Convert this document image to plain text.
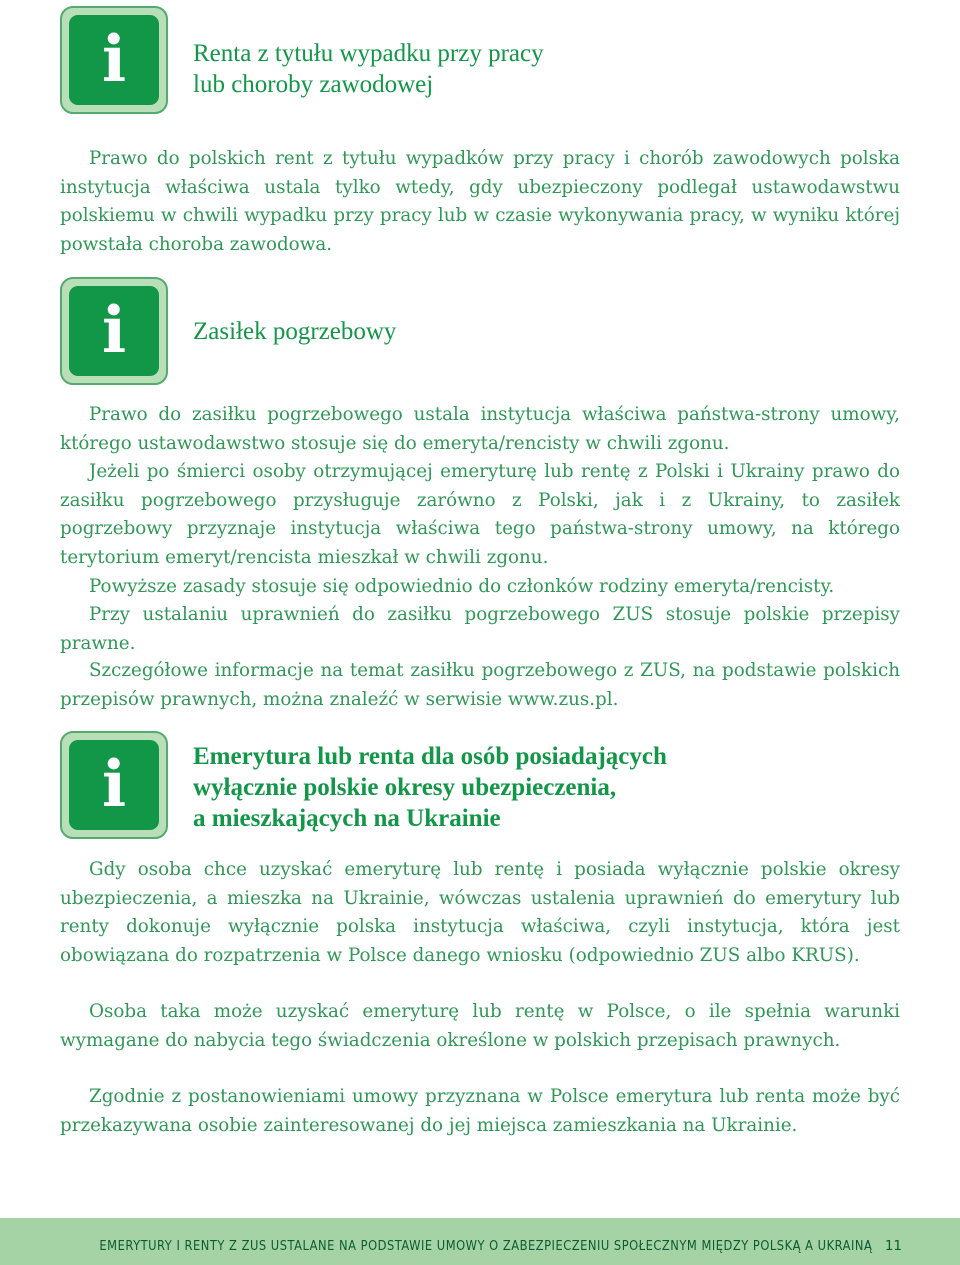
i	Renta z tytułu wypadku przy pracy
lub choroby zawodowej

Prawo do polskich rent z tytułu wypadków przy pracy i chorób zawodowych polska instytucja właściwa ustala tylko wtedy, gdy ubezpieczony podlegał ustawodawstwu polskiemu w chwili wypadku przy pracy lub w czasie wykonywania pracy, w wyniku której powstała choroba zawodowa.

i	Zasiłek pogrzebowy

Prawo do zasiłku pogrzebowego ustala instytucja właściwa państwa-strony umowy, którego ustawodawstwo stosuje się do emeryta/rencisty w chwili zgonu.

Jeżeli po śmierci osoby otrzymującej emeryturę lub rentę z Polski i Ukrainy prawo do zasiłku pogrzebowego przysługuje zarówno z Polski, jak i z Ukrainy, to zasiłek pogrzebowy przyznaje instytucja właściwa tego państwa-strony umowy, na którego terytorium emeryt/rencista mieszkał w chwili zgonu.

Powyższe zasady stosuje się odpowiednio do członków rodziny emeryta/rencisty.

Przy ustalaniu uprawnień do zasiłku pogrzebowego ZUS stosuje polskie przepisy prawne.

Szczegółowe informacje na temat zasiłku pogrzebowego z ZUS, na podstawie polskich przepisów prawnych, można znaleźć w serwisie www.zus.pl.

i	Emerytura lub renta dla osób posiadających
wyłącznie polskie okresy ubezpieczenia,
a mieszkających na Ukrainie

Gdy osoba chce uzyskać emeryturę lub rentę i posiada wyłącznie polskie okresy ubezpieczenia, a mieszka na Ukrainie, wówczas ustalenia uprawnień do emerytury lub renty dokonuje wyłącznie polska instytucja właściwa, czyli instytucja, która jest obowiązana do rozpatrzenia w Polsce danego wniosku (odpowiednio ZUS albo KRUS).

Osoba taka może uzyskać emeryturę lub rentę w Polsce, o ile spełnia warunki wymagane do nabycia tego świadczenia określone w polskich przepisach prawnych.

Zgodnie z postanowieniami umowy przyznana w Polsce emerytura lub renta może być przekazywana osobie zainteresowanej do jej miejsca zamieszkania na Ukrainie.

EMERYTURY I RENTY Z ZUS USTALANE NA PODSTAWIE UMOWY O ZABEZPIECZENIU SPOŁECZNYM MIĘDZY POLSKĄ A UKRAINĄ 11
